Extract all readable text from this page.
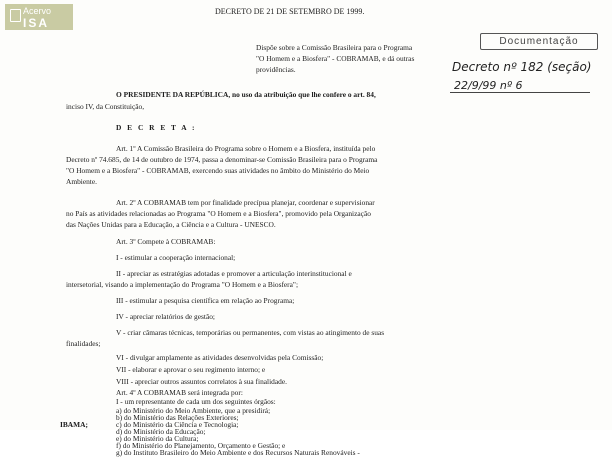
Acervo
ISA
Documentação
Decreto nº 182 (seção)
22/9/99 nº 6
DECRETO DE 21 DE SETEMBRO DE 1999.
Dispõe sobre a Comissão Brasileira para o Programa
"O Homem e a Biosfera" - COBRAMAB, e dá outras
providências.
O PRESIDENTE DA REPÚBLICA, no uso da atribuição que lhe confere o art. 84,
inciso IV, da Constituição,
D E C R E T A :
Art. 1º A Comissão Brasileira do Programa sobre o Homem e a Biosfera, instituída pelo
Decreto nº 74.685, de 14 de outubro de 1974, passa a denominar-se Comissão Brasileira para o Programa
"O Homem e a Biosfera" - COBRAMAB, exercendo suas atividades no âmbito do Ministério do Meio
Ambiente.
Art. 2º A COBRAMAB tem por finalidade precípua planejar, coordenar e supervisionar
no País as atividades relacionadas ao Programa "O Homem e a Biosfera", promovido pela Organização
das Nações Unidas para a Educação, a Ciência e a Cultura - UNESCO.
Art. 3º Compete à COBRAMAB:
I - estimular a cooperação internacional;
II - apreciar as estratégias adotadas e promover a articulação interinstitucional e
intersetorial, visando a implementação do Programa "O Homem e a Biosfera";
III - estimular a pesquisa científica em relação ao Programa;
IV - apreciar relatórios de gestão;
V - criar câmaras técnicas, temporárias ou permanentes, com vistas ao atingimento de suas
finalidades;
VI - divulgar amplamente as atividades desenvolvidas pela Comissão;
VII - elaborar e aprovar o seu regimento interno; e
VIII - apreciar outros assuntos correlatos à sua finalidade.
Art. 4º A COBRAMAB será integrada por:
I - um representante de cada um dos seguintes órgãos:
a) do Ministério do Meio Ambiente, que a presidirá;
b) do Ministério das Relações Exteriores;
c) do Ministério da Ciência e Tecnologia;
d) do Ministério da Educação;
e) do Ministério da Cultura;
f) do Ministério do Planejamento, Orçamento e Gestão; e
g) do Instituto Brasileiro do Meio Ambiente e dos Recursos Naturais Renováveis -
IBAMA;
